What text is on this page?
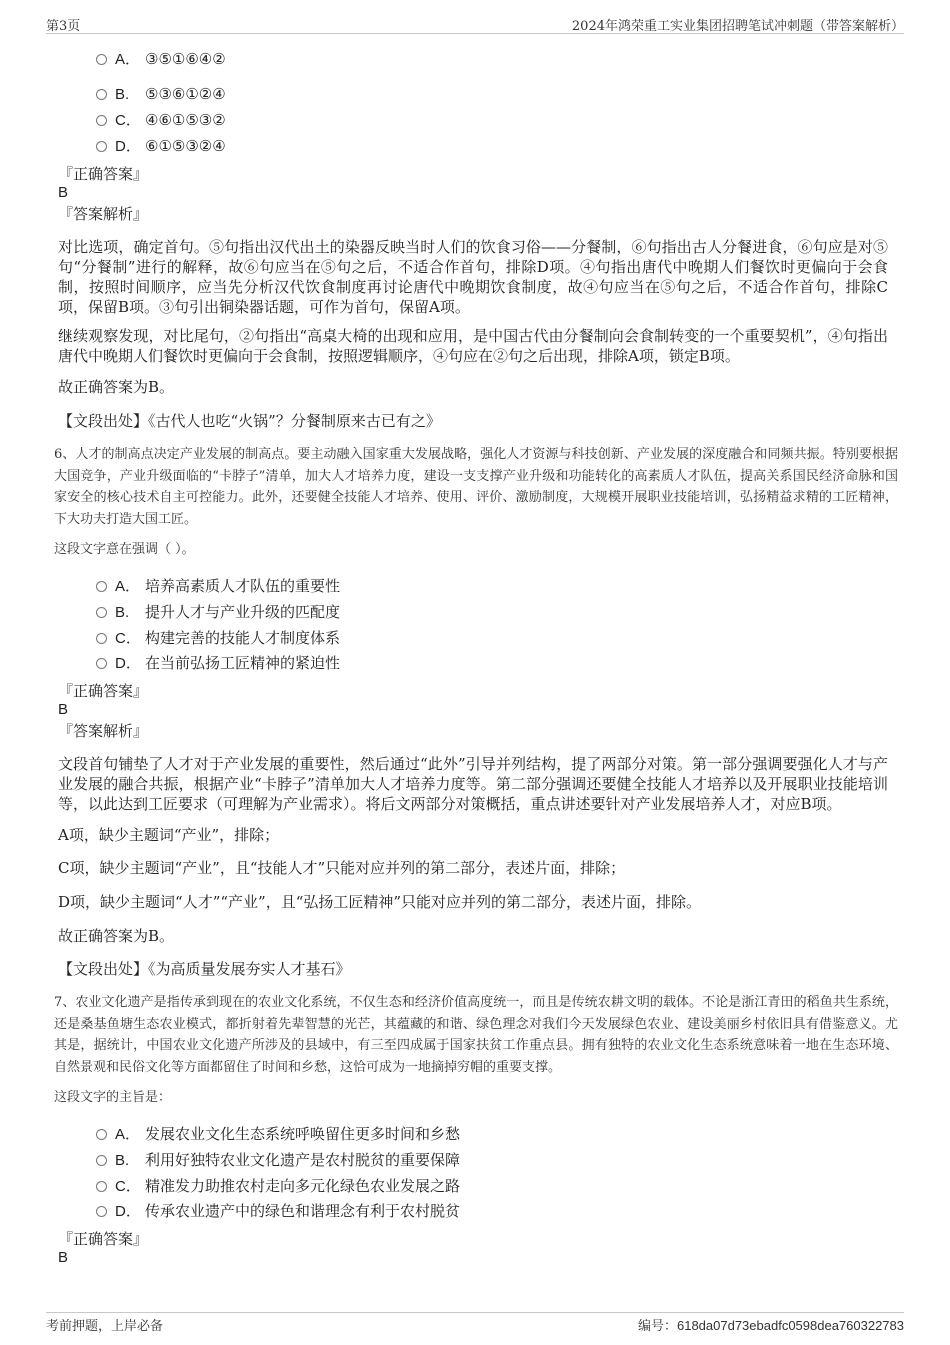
第3页	2024年鸿荣重工实业集团招聘笔试冲刺题（带答案解析）
A． ③⑤①⑥④②
B. ⑤③⑥①②④
C． ④⑥①⑤③②
D． ⑥①⑤③②④
『正确答案』
B
『答案解析』
对比选项，确定首句。⑤句指出汉代出土的染器反映当时人们的饮食习俗——分餐制，⑥句指出古人分餐进食，⑥句应是对⑤句“分餐制”进行的解释，故⑥句应当在⑤句之后，不适合作首句，排除D项。④句指出唐代中晚期人们餐饮时更偏向于会食制，按照时间顺序，应当先分析汉代饮食制度再讨论唐代中晚期饮食制度，故④句应当在⑤句之后，不适合作首句，排除C项，保留B项。③句引出铜染器话题，可作为首句，保留A项。
继续观察发现，对比尾句，②句指出“高桌大椅的出现和应用，是中国古代由分餐制向会食制转变的一个重要契机”，④句指出唐代中晚期人们餐饮时更偏向于会食制，按照逻辑顺序，④句应在②句之后出现，排除A项，锁定B项。
故正确答案为B。
【文段出处】《古代人也吃“火锅”？分餐制原来古已有之》
6、人才的制高点决定产业发展的制高点。要主动融入国家重大发展战略，强化人才资源与科技创新、产业发展的深度融合和同频共振。特别要根据大国竞争，产业升级面临的“卡脖子”清单，加大人才培养力度，建设一支支撑产业升级和功能转化的高素质人才队伍，提高关系国民经济命脉和国家安全的核心技术自主可控能力。此外，还要健全技能人才培养、使用、评价、激励制度，大规模开展职业技能培训，弘扬精益求精的工匠精神，下大功夫打造大国工匠。
这段文字意在强调（ ）。
A． 培养高素质人才队伍的重要性
B. 提升人才与产业升级的匹配度
C． 构建完善的技能人才制度体系
D． 在当前弘扬工匠精神的紧迫性
『正确答案』
B
『答案解析』
文段首句铺垫了人才对于产业发展的重要性，然后通过“此外”引导并列结构，提了两部分对策。第一部分强调要强化人才与产业发展的融合共振，根据产业“卡脖子”清单加大人才培养力度等。第二部分强调还要健全技能人才培养以及开展职业技能培训等，以此达到工匠要求（可理解为产业需求）。将后文两部分对策概括，重点讲述要针对产业发展培养人才，对应B项。
A项，缺少主题词“产业”，排除；
C项，缺少主题词“产业”，且“技能人才”只能对应并列的第二部分，表述片面，排除；
D项，缺少主题词“人才”“产业”，且“弘扬工匠精神”只能对应并列的第二部分，表述片面，排除。
故正确答案为B。
【文段出处】《为高质量发展夯实人才基石》
7、农业文化遗产是指传承到现在的农业文化系统，不仅生态和经济价值高度统一，而且是传统农耕文明的载体。不论是浙江青田的稻鱼共生系统，还是桑基鱼塘生态农业模式，都折射着先辈智慧的光芒，其蕴藏的和谐、绿色理念对我们今天发展绿色农业、建设美丽乡村依旧具有借鉴意义。尤其是，据统计，中国农业文化遗产所涉及的县域中，有三至四成属于国家扶贫工作重点县。拥有独特的农业文化生态系统意味着一地在生态环境、自然景观和民俗文化等方面都留住了时间和乡愁，这恰可成为一地摘掉穷帽的重要支撑。
这段文字的主旨是：
A． 发展农业文化生态系统呼唤留住更多时间和乡愁
B. 利用好独特农业文化遗产是农村脱贫的重要保障
C． 精准发力助推农村走向多元化绿色农业发展之路
D． 传承农业遗产中的绿色和谐理念有利于农村脱贫
『正确答案』
B
考前押题，上岸必备	编号：618da07d73ebadfc0598dea760322783
